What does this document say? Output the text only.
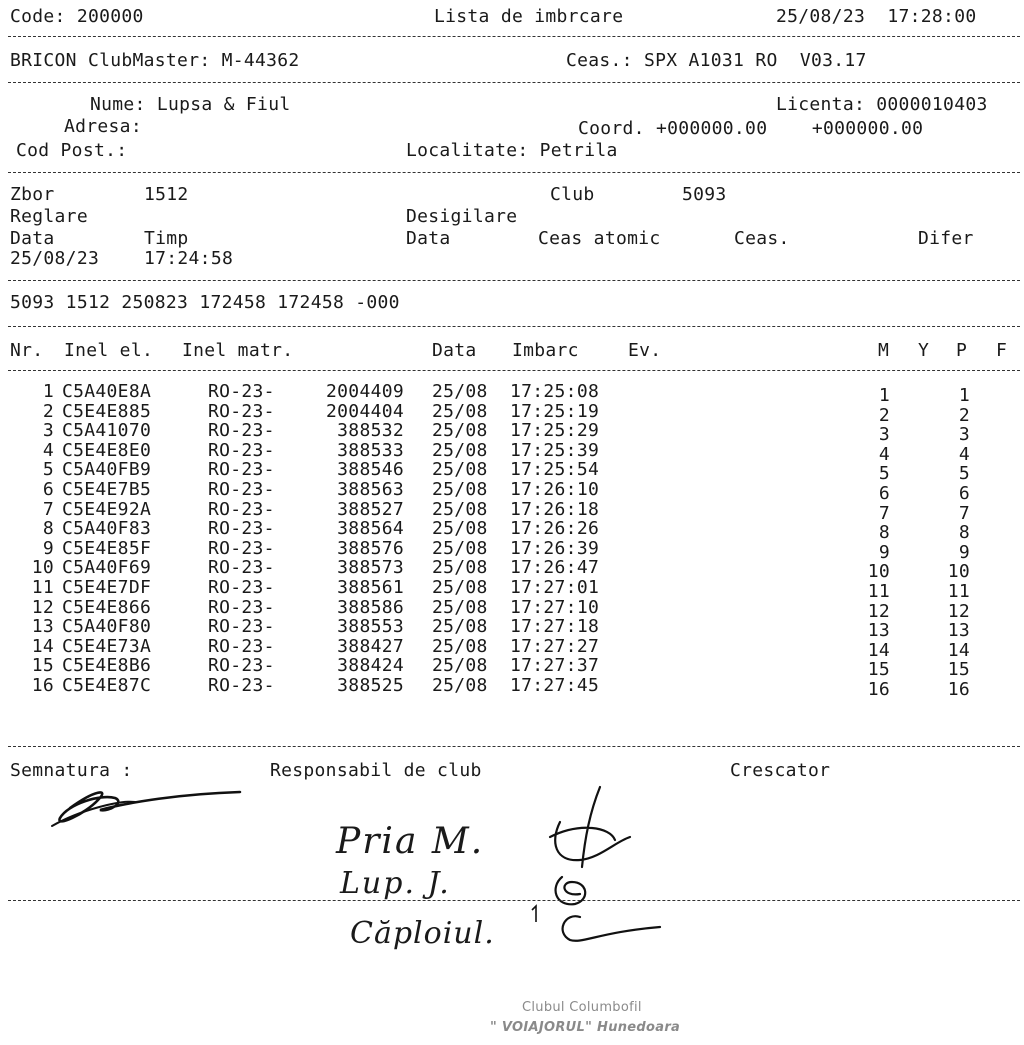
Code: 200000	Lista de imbrcare	25/08/23  17:28:00
BRICON ClubMaster: M-44362	Ceas.: SPX A1031 RO  V03.17
Nume: Lupsa & Fiul	Licenta: 0000010403
Adresa:	Coord. +000000.00    +000000.00
Cod Post.:	Localitate: Petrila
Zbor	1512	Club	5093
Reglare	Desigilare
Data	Timp	Data	Ceas atomic	Ceas.	Difer
25/08/23 17:24:58
5093 1512 250823 172458 172458 -000
Nr. Inel el. Inel matr.	Data Imbarc	Ev.	M Y P F
1 C5A40E8A	RO-23-	2004409 25/08 17:25:08	1	1
2 C5E4E885	RO-23-	2004404 25/08 17:25:19	2	2
3 C5A41070	RO-23-	388532 25/08 17:25:29	3	3
4 C5E4E8E0	RO-23-	388533 25/08 17:25:39	4	4
5 C5A40FB9	RO-23-	388546 25/08 17:25:54	5	5
6 C5E4E7B5	RO-23-	388563 25/08 17:26:10	6	6
7 C5E4E92A	RO-23-	388527 25/08 17:26:18	7	7
8 C5A40F83	RO-23-	388564 25/08 17:26:26	8	8
9 C5E4E85F	RO-23-	388576 25/08 17:26:39	9	9
10 C5A40F69	RO-23-	388573 25/08 17:26:47	10	10
11 C5E4E7DF	RO-23-	388561 25/08 17:27:01	11	11
12 C5E4E866	RO-23-	388586 25/08 17:27:10	12	12
13 C5A40F80	RO-23-	388553 25/08 17:27:18	13	13
14 C5E4E73A	RO-23-	388427 25/08 17:27:27	14	14
15 C5E4E8B6	RO-23-	388424 25/08 17:27:37	15	15
16 C5E4E87C	RO-23-	388525 25/08 17:27:45	16	16
Semnatura :	Responsabil de club	Crescator
Pria M.
Lup. J.
Căploiul.
Clubul Columbofil
" VOIAJORUL" Hunedoara
